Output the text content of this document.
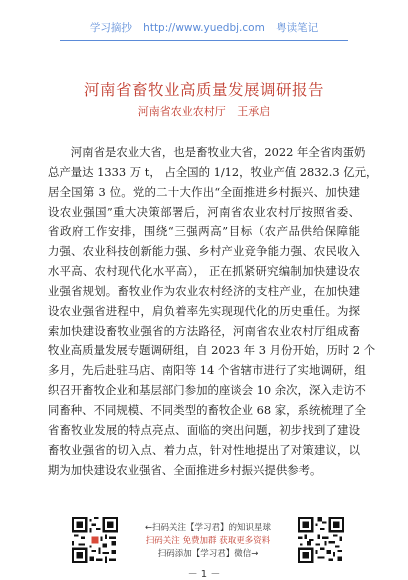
学习摘抄 http://www.yuedbj.com 粤读笔记
河南省畜牧业高质量发展调研报告
河南省农业农村厅 王承启
　　河南省是农业大省，也是畜牧业大省，2022 年全省肉蛋奶
总产量达 1333 万 t， 占全国的 1/12，牧业产值 2832.3 亿元，
居全国第 3 位。党的二十大作出“全面推进乡村振兴、加快建
设农业强国”重大决策部署后，河南省农业农村厅按照省委、
省政府工作安排，围绕“三强两高”目标（农产品供给保障能
力强、农业科技创新能力强、乡村产业竞争能力强、农民收入
水平高、农村现代化水平高）， 正在抓紧研究编制加快建设农
业强省规划。畜牧业作为农业农村经济的支柱产业，在加快建
设农业强省进程中，肩负着率先实现现代化的历史重任。为探
索加快建设畜牧业强省的方法路径，河南省农业农村厅组成畜
牧业高质量发展专题调研组，自 2023 年 3 月份开始，历时 2 个
多月，先后赴驻马店、南阳等 14 个省辖市进行了实地调研，组
织召开畜牧企业和基层部门参加的座谈会 10 余次，深入走访不
同畜种、不同规模、不同类型的畜牧企业 68 家，系统梳理了全
省畜牧业发展的特点亮点、面临的突出问题，初步找到了建设
畜牧业强省的切入点、着力点，针对性地提出了对策建议，以
期为加快建设农业强省、全面推进乡村振兴提供参考。
←扫码关注【学习君】的知识星球
扫码关注 免费加群 获取更多资料
扫码添加【学习君】微信→
－ 1 －
